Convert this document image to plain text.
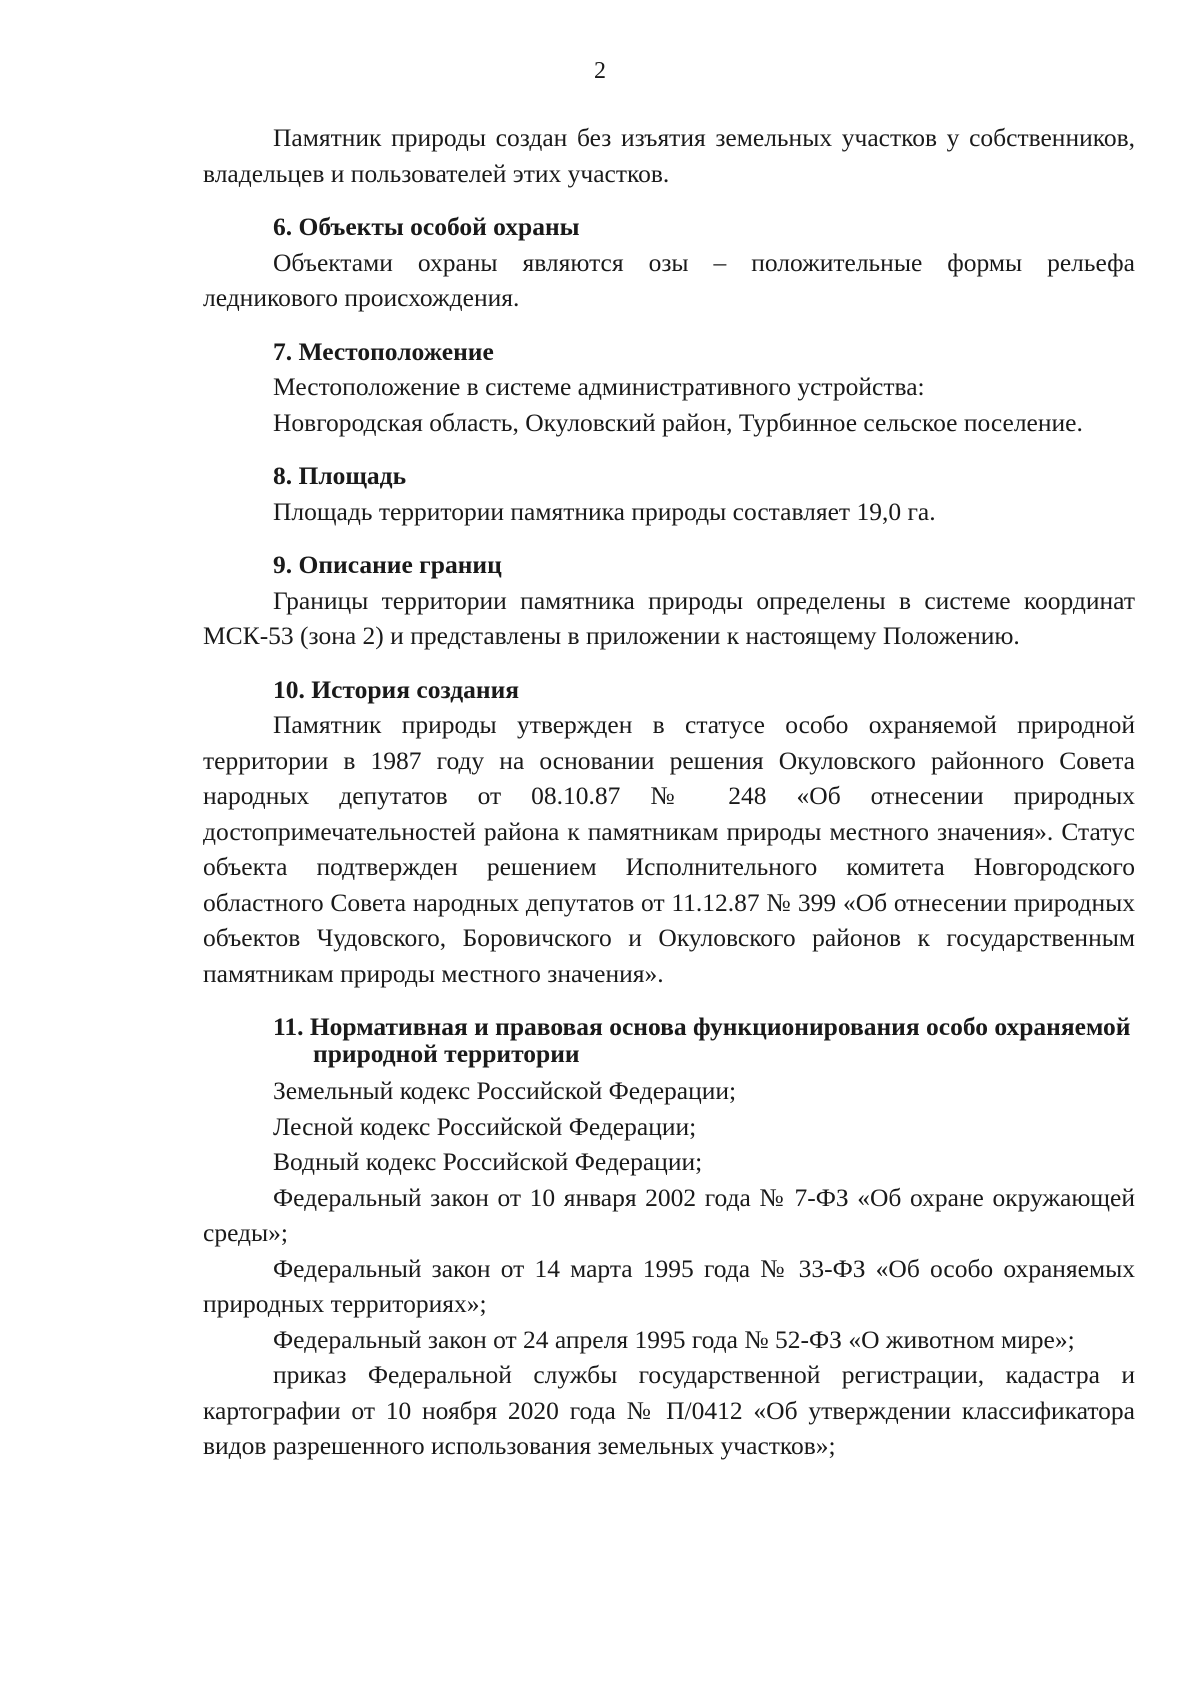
2

Памятник природы создан без изъятия земельных участков у собственников, владельцев и пользователей этих участков.

6. Объекты особой охраны

Объектами охраны являются озы – положительные формы рельефа ледникового происхождения.

7. Местоположение

Местоположение в системе административного устройства:

Новгородская область, Окуловский район, Турбинное сельское поселение.

8. Площадь

Площадь территории памятника природы составляет 19,0 га.

9. Описание границ

Границы территории памятника природы определены в системе координат МСК-53 (зона 2) и представлены в приложении к настоящему Положению.

10. История создания

Памятник природы утвержден в статусе особо охраняемой природной территории в 1987 году на основании решения Окуловского районного Совета народных депутатов от 08.10.87 № 248 «Об отнесении природных достопримечательностей района к памятникам природы местного значения». Статус объекта подтвержден решением Исполнительного комитета Новгородского областного Совета народных депутатов от 11.12.87 № 399 «Об отнесении природных объектов Чудовского, Боровичского и Окуловского районов к государственным памятникам природы местного значения».

11. Нормативная и правовая основа функционирования особо охраняемой природной территории

Земельный кодекс Российской Федерации;

Лесной кодекс Российской Федерации;

Водный кодекс Российской Федерации;

Федеральный закон от 10 января 2002 года № 7-ФЗ «Об охране окружающей среды»;

Федеральный закон от 14 марта 1995 года № 33-ФЗ «Об особо охраняемых природных территориях»;

Федеральный закон от 24 апреля 1995 года № 52-ФЗ «О животном мире»;

приказ Федеральной службы государственной регистрации, кадастра и картографии от 10 ноября 2020 года № П/0412 «Об утверждении классификатора видов разрешенного использования земельных участков»;
